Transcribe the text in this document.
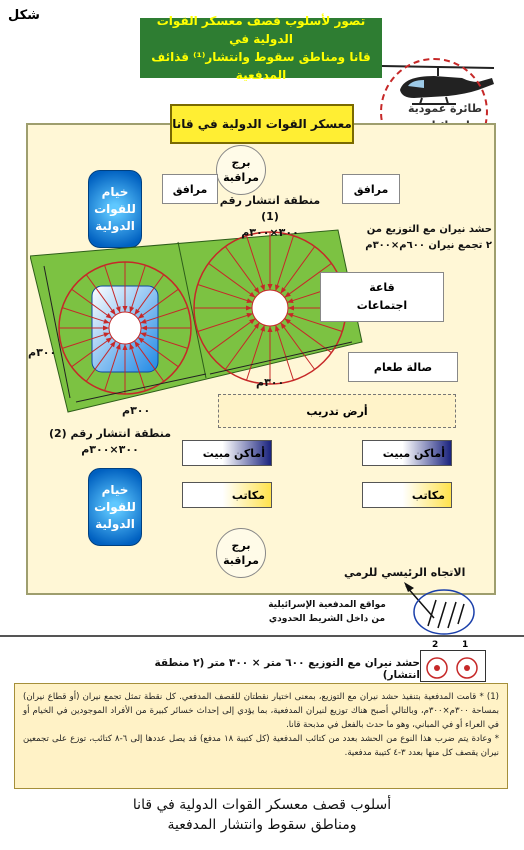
شكل	تصور لأسلوب قصف معسكر القوات الدولية في
قانا ومناطق سقوط وانتشار⁽¹⁾ قذائف المدفعية
طائرة عمودية
معسكر القوات الدولية في قانا
برج
مراقبة
برج
مراقبة
خيام
للقوات
الدولية
خيام
للقوات
الدولية
مرافق	مرافق
منطقة انتشار رقم (1)
٣٠٠×٣٠٠م
منطقة انتشار رقم (2)
٣٠٠×٣٠٠م
حشد نيران مع التوزيع من
٢ تجمع نيران ٦٠٠م×٣٠٠م
٣٠٠م
٣٠٠م
٣٠٠م
قاعة
اجتماعات
صالة طعام
أرض تدريب
أماكن مبيت	أماكن مبيت
مكاتب	مكاتب
الاتجاه الرئيسي للرمي
مواقع المدفعية الإسرائيلية
من داخل الشريط الحدودي
حشد نيران مع التوزيع ٦٠٠ متر × ٣٠٠ متر (٢ منطقة انتشار)
2	1
(1) * قامت المدفعية بتنفيذ حشد نيران مع التوزيع، بمعنى اختيار نقطتان للقصف المدفعي. كل نقطة تمثل تجمع نيران (أو قطاع نيران) بمساحة ٣٠٠م×٣٠٠م، وبالتالي أصبح هناك توزيع لنيران المدفعية، بما يؤدي إلى إحداث خسائر كبيرة من الأفراد الموجودين في الخيام أو في العراء أو في المباني، وهو ما حدث بالفعل في مذبحة قانا.
* وعادة يتم ضرب هذا النوع من الحشد بعدد من كتائب المدفعية (كل كتيبة ١٨ مدفع) قد يصل عددها إلى ٦-٨ كتائب، توزع على تجمعين نيران يقصف كل منها بعدد ٣-٤ كتيبة مدفعية.
أسلوب قصف معسكر القوات الدولية في قانا
ومناطق سقوط وانتشار المدفعية
